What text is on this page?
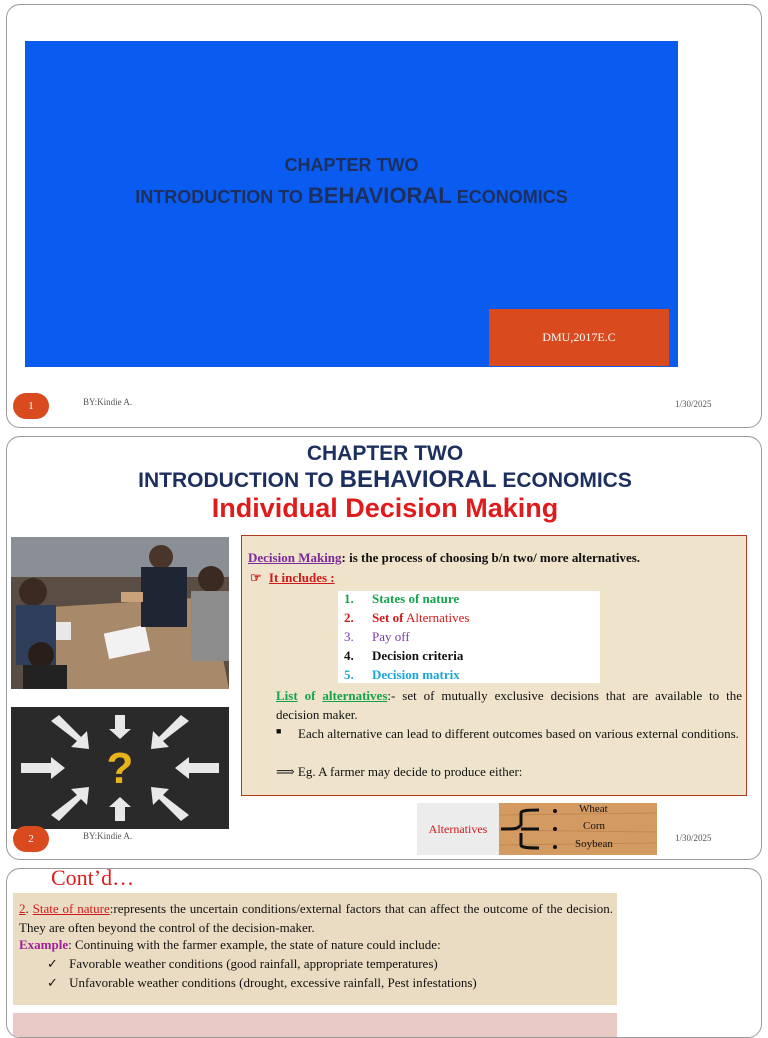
CHAPTER TWO
INTRODUCTION TO BEHAVIORAL ECONOMICS
DMU,2017E.C
1	BY:Kindie A.	1/30/2025
CHAPTER TWO
INTRODUCTION TO BEHAVIORAL ECONOMICS
Individual Decision Making
?
Decision Making: is the process of choosing b/n two/ more alternatives.
☞ It includes :
1. States of nature
2. Set of Alternatives
3. Pay off
4. Decision criteria
5. Decision matrix
List of alternatives:- set of mutually exclusive decisions that are available to the decision maker.
■ Each alternative can lead to different outcomes based on various external conditions.
⟹ Eg. A farmer may decide to produce either:
Alternatives
Wheat
Corn
Soybean
2	BY:Kindie A.	1/30/2025
Cont’d…
2. State of nature:represents the uncertain conditions/external factors that can affect the outcome of the decision. They are often beyond the control of the decision-maker.
Example: Continuing with the farmer example, the state of nature could include:
✓ Favorable weather conditions (good rainfall, appropriate temperatures)
✓ Unfavorable weather conditions (drought, excessive rainfall, Pest infestations)
